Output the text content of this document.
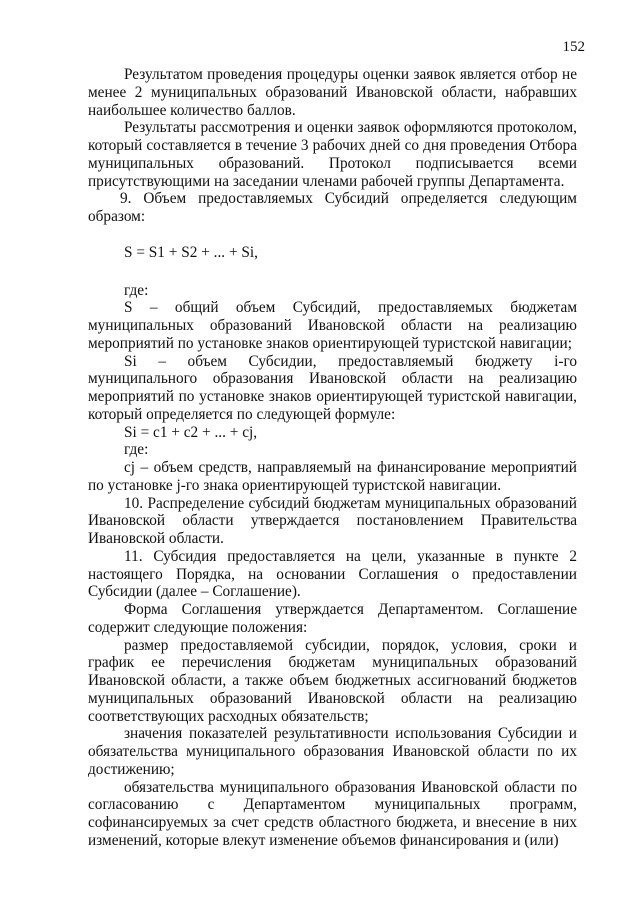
152

Результатом проведения процедуры оценки заявок является отбор не менее 2 муниципальных образований Ивановской области, набравших наибольшее количество баллов.

Результаты рассмотрения и оценки заявок оформляются протоколом, который составляется в течение 3 рабочих дней со дня проведения Отбора муниципальных образований. Протокол подписывается всеми присутствующими на заседании членами рабочей группы Департамента.

9. Объем предоставляемых Субсидий определяется следующим образом:

S = S1 + S2 + ... + Si,

где:

S – общий объем Субсидий, предоставляемых бюджетам муниципальных образований Ивановской области на реализацию мероприятий по установке знаков ориентирующей туристской навигации;

Si – объем Субсидии, предоставляемый бюджету i-го муниципального образования Ивановской области на реализацию мероприятий по установке знаков ориентирующей туристской навигации, который определяется по следующей формуле:

Si = c1 + c2 + ... + cj,

где:

cj – объем средств, направляемый на финансирование мероприятий по установке j-го знака ориентирующей туристской навигации.

10. Распределение субсидий бюджетам муниципальных образований Ивановской области утверждается постановлением Правительства Ивановской области.

11. Субсидия предоставляется на цели, указанные в пункте 2 настоящего Порядка, на основании Соглашения о предоставлении Субсидии (далее – Соглашение).

Форма Соглашения утверждается Департаментом. Соглашение содержит следующие положения:

размер предоставляемой субсидии, порядок, условия, сроки и график ее перечисления бюджетам муниципальных образований Ивановской области, а также объем бюджетных ассигнований бюджетов муниципальных образований Ивановской области на реализацию соответствующих расходных обязательств;

значения показателей результативности использования Субсидии и обязательства муниципального образования Ивановской области по их достижению;

обязательства муниципального образования Ивановской области по согласованию с Департаментом муниципальных программ, софинансируемых за счет средств областного бюджета, и внесение в них изменений, которые влекут изменение объемов финансирования и (или)
